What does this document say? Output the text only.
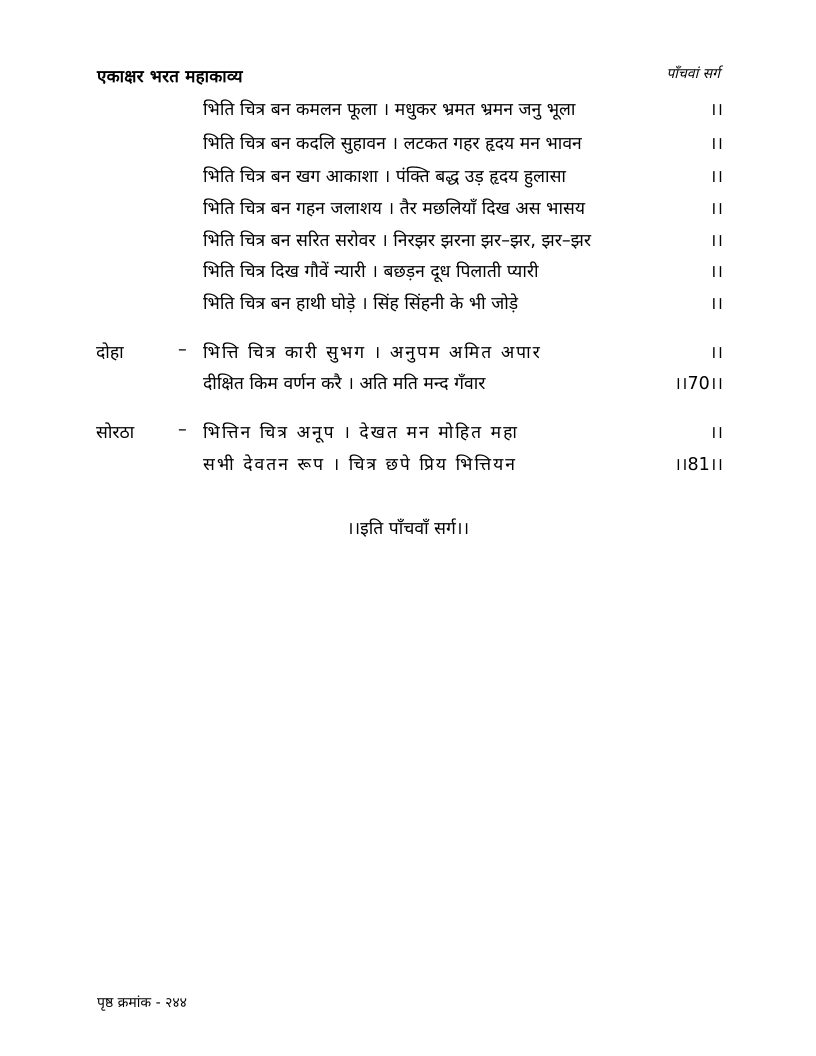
एकाक्षर भरत महाकाव्य	पाँचवां सर्ग
भिति चित्र बन कमलन फूला । मधुकर भ्रमत भ्रमन जनु भूला	।।
भिति चित्र बन कदलि सुहावन । लटकत गहर हृदय मन भावन	।।
भिति चित्र बन खग आकाशा । पंक्ति बद्ध उड़ हृदय हुलासा	।।
भिति चित्र बन गहन जलाशय । तैर मछलियाँ दिख अस भासय	।।
भिति चित्र बन सरित सरोवर । निरझर झरना झर–झर, झर–झर	।।
भिति चित्र दिख गौवें न्यारी । बछड़न दूध पिलाती प्यारी	।।
भिति चित्र बन हाथी घोड़े । सिंह सिंहनी के भी जोड़े	।।
दोहा	– भित्ति चित्र कारी सुभग । अनुपम अमित अपार	।।
दीक्षित किम वर्णन करै । अति मति मन्द गँवार	।।70।।
सोरठा	– भित्तिन चित्र अनूप । देखत मन मोहित महा	।।
सभी देवतन रूप । चित्र छपे प्रिय भित्तियन	।।81।।
।।इति पाँचवाँ सर्ग।।
पृष्ठ क्रमांक - २४४
